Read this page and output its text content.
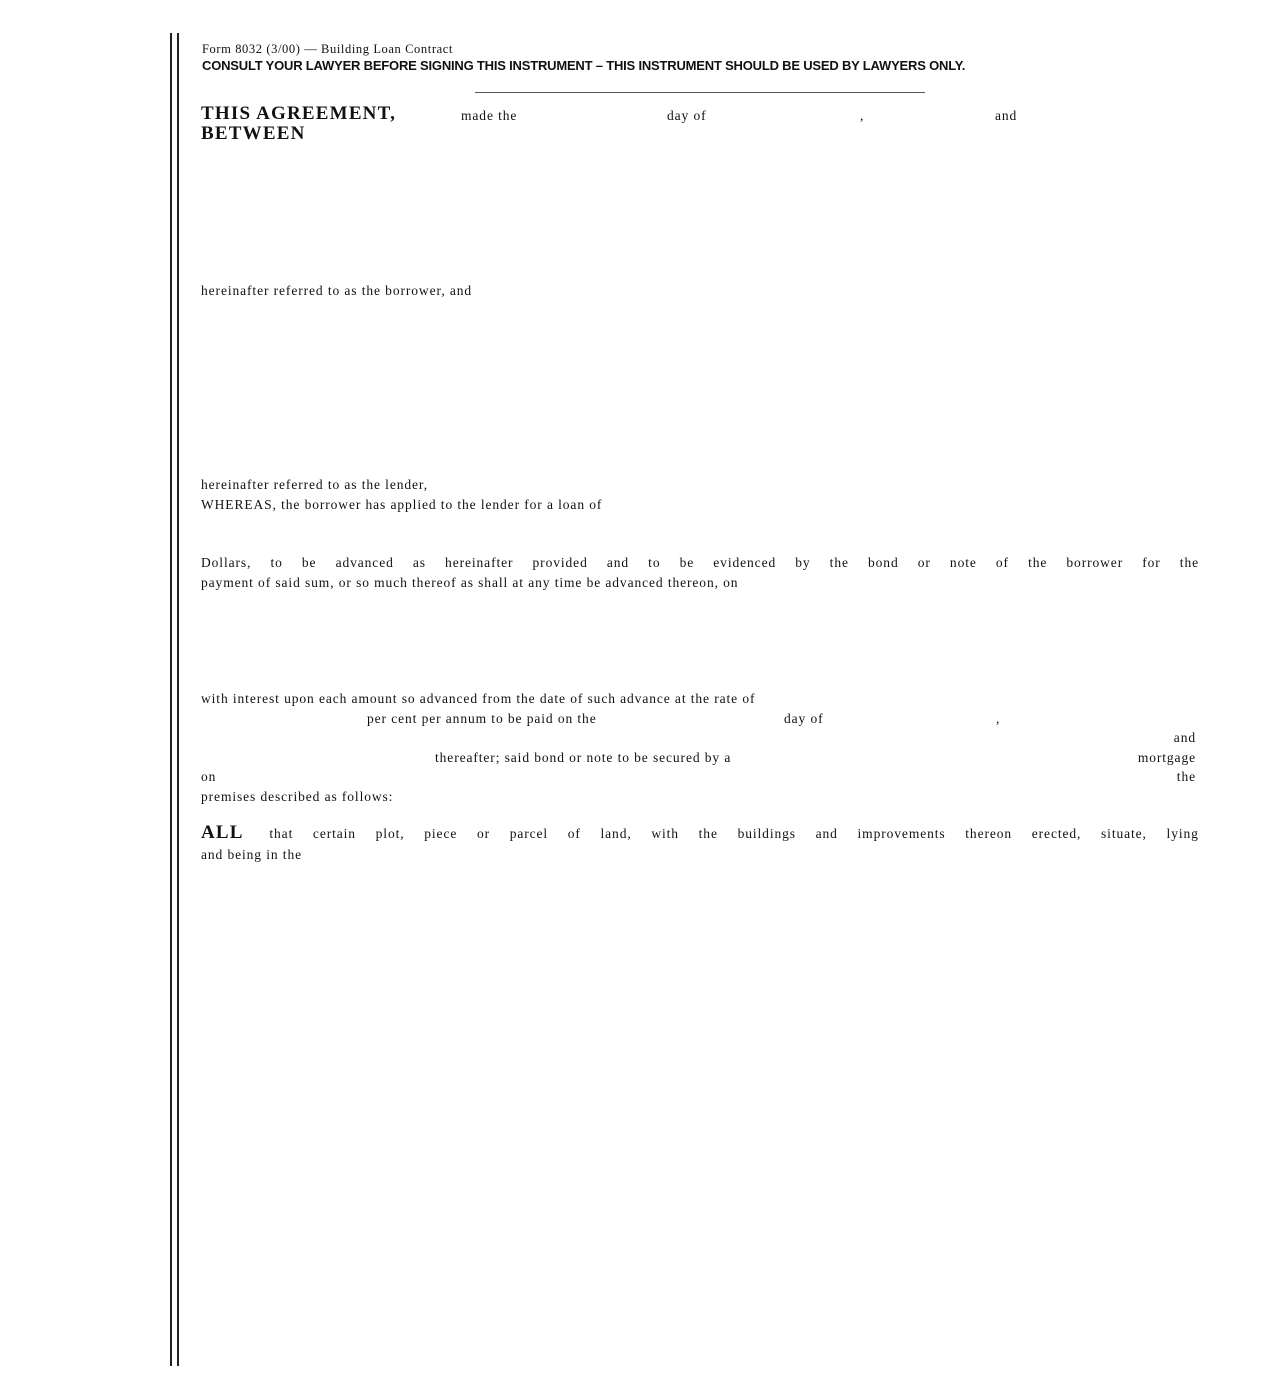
Form 8032 (3/00) — Building Loan Contract
CONSULT YOUR LAWYER BEFORE SIGNING THIS INSTRUMENT – THIS INSTRUMENT SHOULD BE USED BY LAWYERS ONLY.
THIS AGREEMENT,	made the	day of	,	and
BETWEEN
hereinafter referred to as the borrower, and
hereinafter referred to as the lender,
WHEREAS, the borrower has applied to the lender for a loan of
Dollars, to be advanced as hereinafter provided and to be evidenced by the bond or note of the borrower for the
payment of said sum, or so much thereof as shall at any time be advanced thereon, on
with interest upon each amount so advanced from the date of such advance at the rate of
per cent per annum to be paid on the	day of	,
and
thereafter; said bond or note to be secured by a	mortgage
on	the
premises described as follows:
ALL that certain plot, piece or parcel of land, with the buildings and improvements thereon erected, situate, lying
and being in the
